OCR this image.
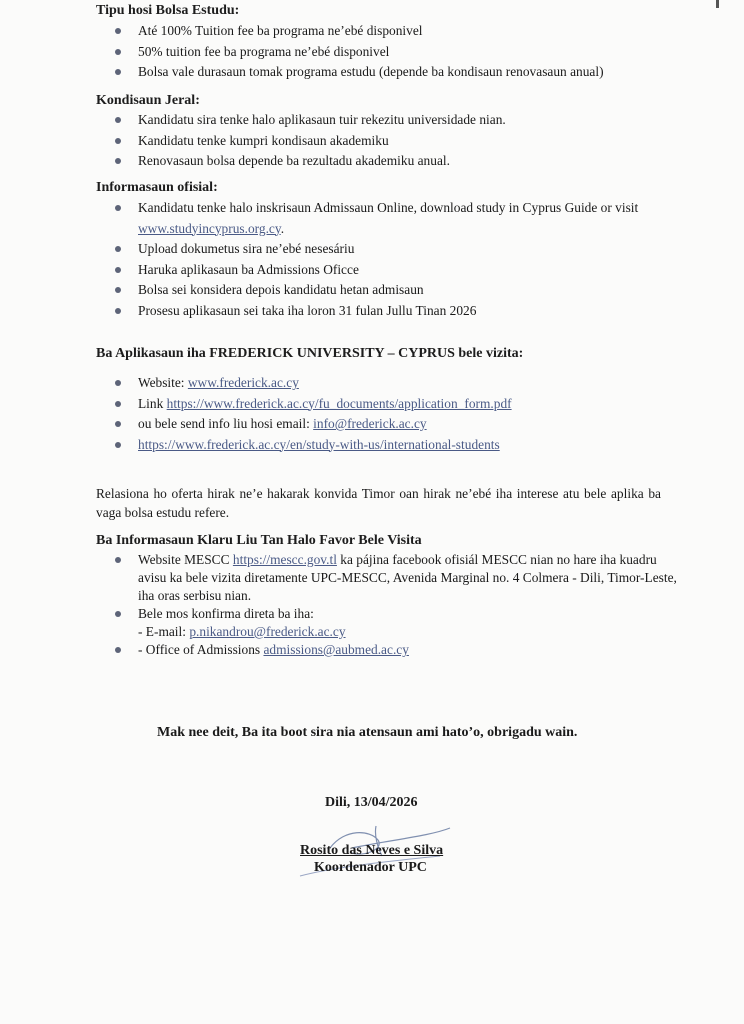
Tipu hosi Bolsa Estudu:
Até 100% Tuition fee ba programa ne’ebé disponivel
50% tuition fee ba programa ne’ebé disponivel
Bolsa vale durasaun tomak programa estudu (depende ba kondisaun renovasaun anual)
Kondisaun Jeral:
Kandidatu sira tenke halo aplikasaun tuir rekezitu universidade nian.
Kandidatu tenke kumpri kondisaun akademiku
Renovasaun bolsa depende ba rezultadu akademiku anual.
Informasaun ofisial:
Kandidatu tenke halo inskrisaun Admissaun Online, download study in Cyprus Guide or visit www.studyincyprus.org.cy.
Upload dokumetus sira ne’ebé nesesáriu
Haruka aplikasaun ba Admissions Oficce
Bolsa sei konsidera depois kandidatu hetan admisaun
Prosesu aplikasaun sei taka iha loron 31 fulan Jullu Tinan 2026
Ba Aplikasaun iha FREDERICK UNIVERSITY – CYPRUS bele vizita:
Website: www.frederick.ac.cy
Link https://www.frederick.ac.cy/fu_documents/application_form.pdf
ou bele send info liu hosi email: info@frederick.ac.cy
https://www.frederick.ac.cy/en/study-with-us/international-students

Relasiona ho oferta hirak ne’e hakarak konvida Timor oan hirak ne’ebé iha interese atu bele aplika ba vaga bolsa estudu refere.

Ba Informasaun Klaru Liu Tan Halo Favor Bele Visita
Website MESCC https://mescc.gov.tl ka pájina facebook ofisiál MESCC nian no hare iha kuadru avisu ka bele vizita diretamente UPC-MESCC, Avenida Marginal no. 4 Colmera - Dili, Timor-Leste, iha oras serbisu nian.
Bele mos konfirma direta ba iha:
- E-mail: p.nikandrou@frederick.ac.cy
- Office of Admissions admissions@aubmed.ac.cy
Mak nee deit, Ba ita boot sira nia atensaun ami hato’o, obrigadu wain.
Dili, 13/04/2026
Rosito das Neves e Silva
Koordenador UPC
